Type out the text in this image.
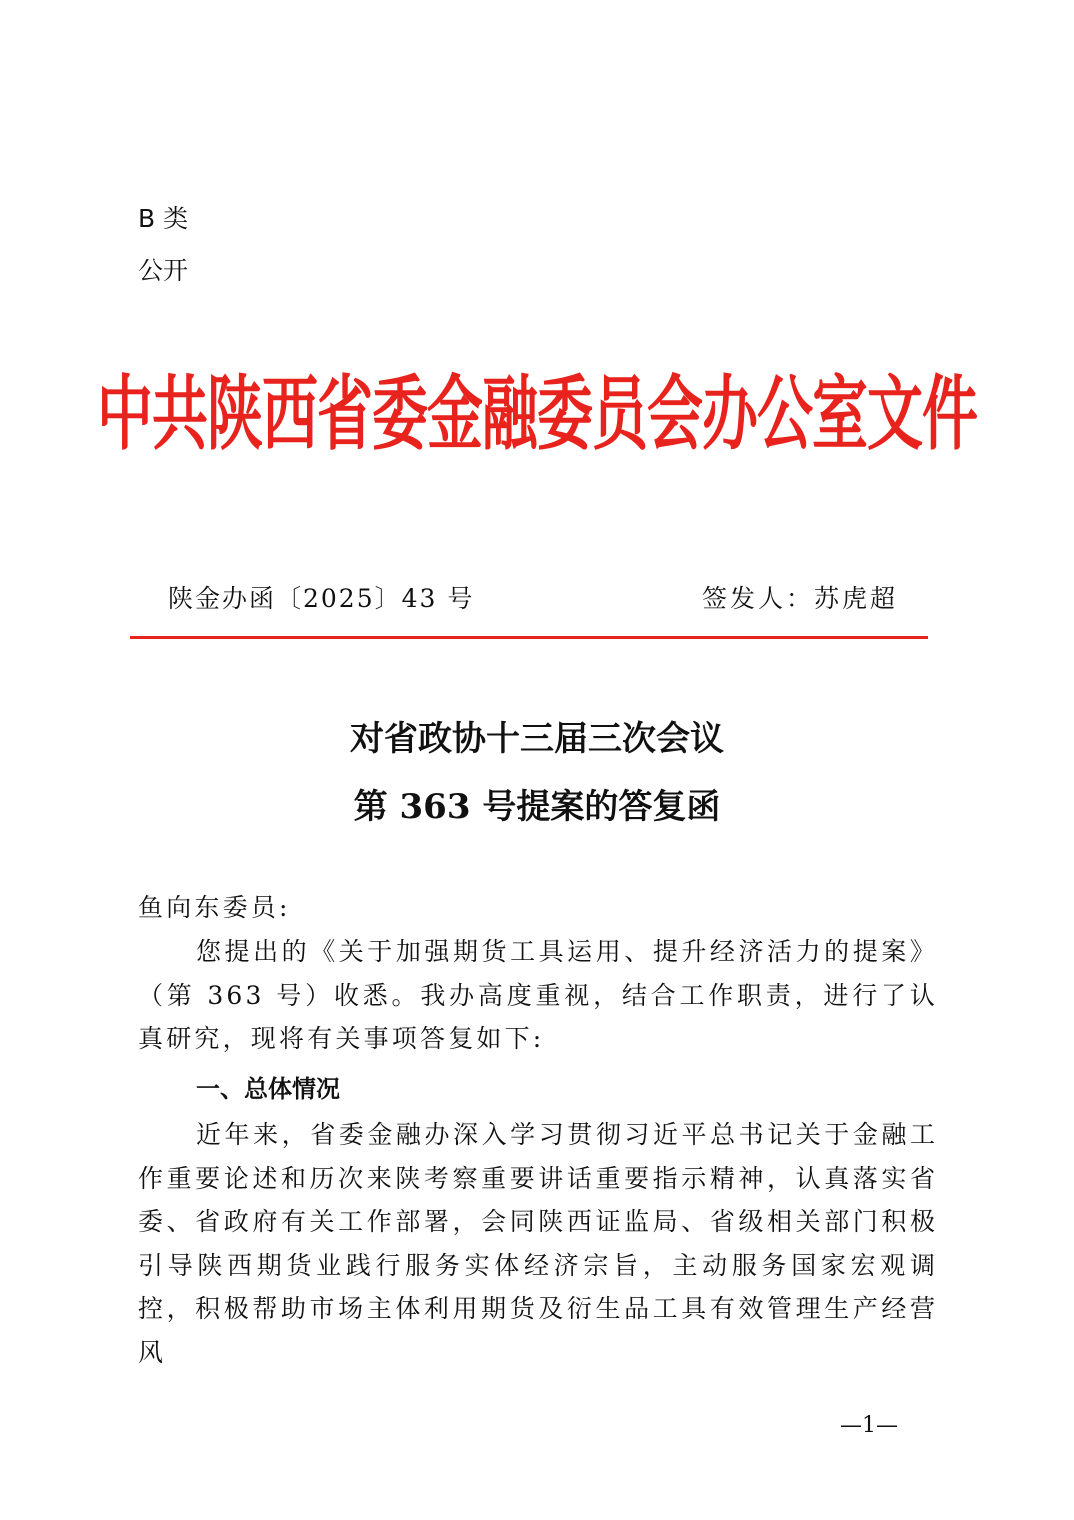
B 类
公开
中共陕西省委金融委员会办公室文件
陕金办函〔2025〕43 号	签发人：苏虎超
对省政协十三届三次会议
第 363 号提案的答复函
鱼向东委员:
您提出的《关于加强期货工具运用、提升经济活力的提案》（第 363 号）收悉。我办高度重视，结合工作职责，进行了认真研究，现将有关事项答复如下:
一、总体情况
近年来，省委金融办深入学习贯彻习近平总书记关于金融工作重要论述和历次来陕考察重要讲话重要指示精神，认真落实省委、省政府有关工作部署，会同陕西证监局、省级相关部门积极引导陕西期货业践行服务实体经济宗旨，主动服务国家宏观调控，积极帮助市场主体利用期货及衍生品工具有效管理生产经营风
—1—
